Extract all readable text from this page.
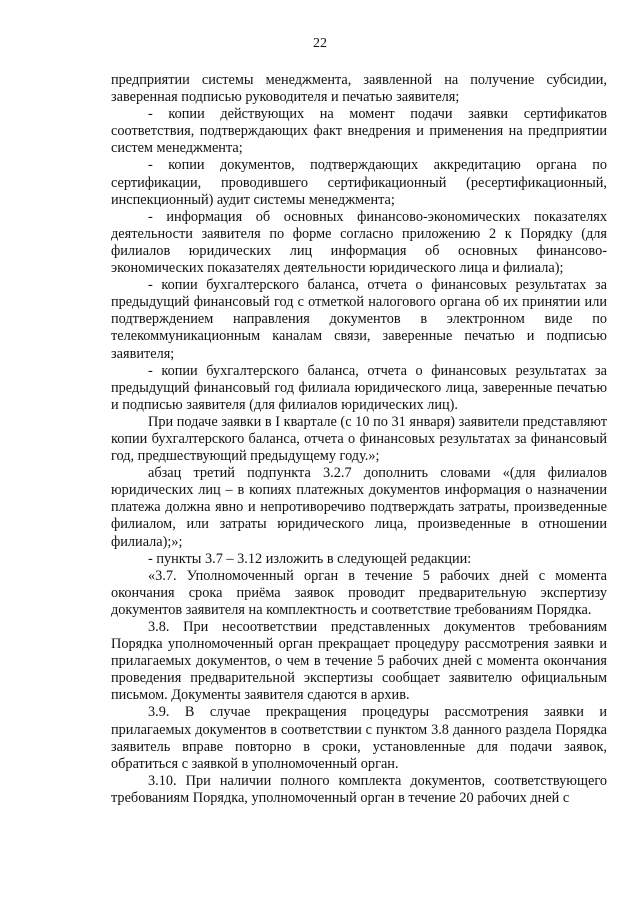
22

предприятии системы менеджмента, заявленной на получение субсидии, заверенная подписью руководителя и печатью заявителя;

- копии действующих на момент подачи заявки сертификатов соответствия, подтверждающих факт внедрения и применения на предприятии систем менеджмента;

- копии документов, подтверждающих аккредитацию органа по сертификации, проводившего сертификационный (ресертификационный, инспекционный) аудит системы менеджмента;

- информация об основных финансово-экономических показателях деятельности заявителя по форме согласно приложению 2 к Порядку (для филиалов юридических лиц информация об основных финансово-экономических показателях деятельности юридического лица и филиала);

- копии бухгалтерского баланса, отчета о финансовых результатах за предыдущий финансовый год с отметкой налогового органа об их принятии или подтверждением направления документов в электронном виде по телекоммуникационным каналам связи, заверенные печатью и подписью заявителя;

- копии бухгалтерского баланса, отчета о финансовых результатах за предыдущий финансовый год филиала юридического лица, заверенные печатью и подписью заявителя (для филиалов юридических лиц).

При подаче заявки в I квартале (с 10 по 31 января) заявители представляют копии бухгалтерского баланса, отчета о финансовых результатах за финансовый год, предшествующий предыдущему году.»;

абзац третий подпункта 3.2.7 дополнить словами «(для филиалов юридических лиц – в копиях платежных документов информация о назначении платежа должна явно и непротиворечиво подтверждать затраты, произведенные филиалом, или затраты юридического лица, произведенные в отношении филиала);»;

- пункты 3.7 – 3.12 изложить в следующей редакции:

«3.7. Уполномоченный орган в течение 5 рабочих дней с момента окончания срока приёма заявок проводит предварительную экспертизу документов заявителя на комплектность и соответствие требованиям Порядка.

3.8. При несоответствии представленных документов требованиям Порядка уполномоченный орган прекращает процедуру рассмотрения заявки и прилагаемых документов, о чем в течение 5 рабочих дней с момента окончания проведения предварительной экспертизы сообщает заявителю официальным письмом. Документы заявителя сдаются в архив.

3.9. В случае прекращения процедуры рассмотрения заявки и прилагаемых документов в соответствии с пунктом 3.8 данного раздела Порядка заявитель вправе повторно в сроки, установленные для подачи заявок, обратиться с заявкой в уполномоченный орган.

3.10. При наличии полного комплекта документов, соответствующего требованиям Порядка, уполномоченный орган в течение 20 рабочих дней с
